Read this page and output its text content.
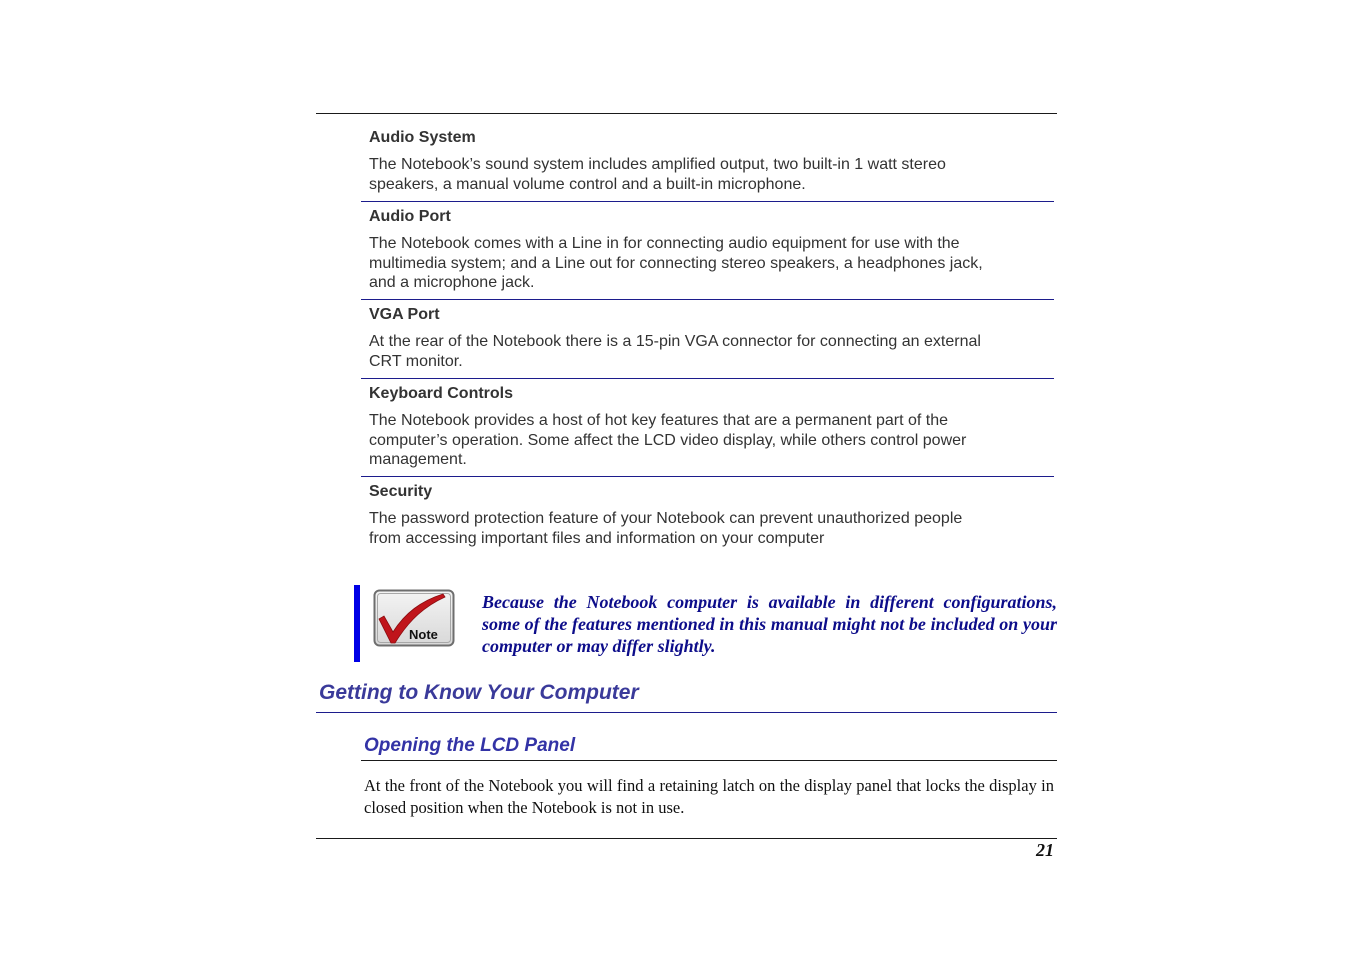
Audio System

The Notebook’s sound system includes amplified output, two built-in 1 watt stereo
speakers, a manual volume control and a built-in microphone.

Audio Port

The Notebook comes with a Line in for connecting audio equipment for use with the
multimedia system; and a Line out for connecting stereo speakers, a headphones jack,
and a microphone jack.

VGA Port

At the rear of the Notebook there is a 15-pin VGA connector for connecting an external
CRT monitor.

Keyboard Controls

The Notebook provides a host of hot key features that are a permanent part of the
computer’s operation. Some affect the LCD video display, while others control power
management.

Security

The password protection feature of your Notebook can prevent unauthorized people
from accessing important files and information on your computer

Note
Because the Notebook computer is available in different configurations, some of the features mentioned in this manual might not be included on your computer or may differ slightly.
Getting to Know Your Computer
Opening the LCD Panel
At the front of the Notebook you will find a retaining latch on the display panel that locks the display in closed position when the Notebook is not in use.
21
